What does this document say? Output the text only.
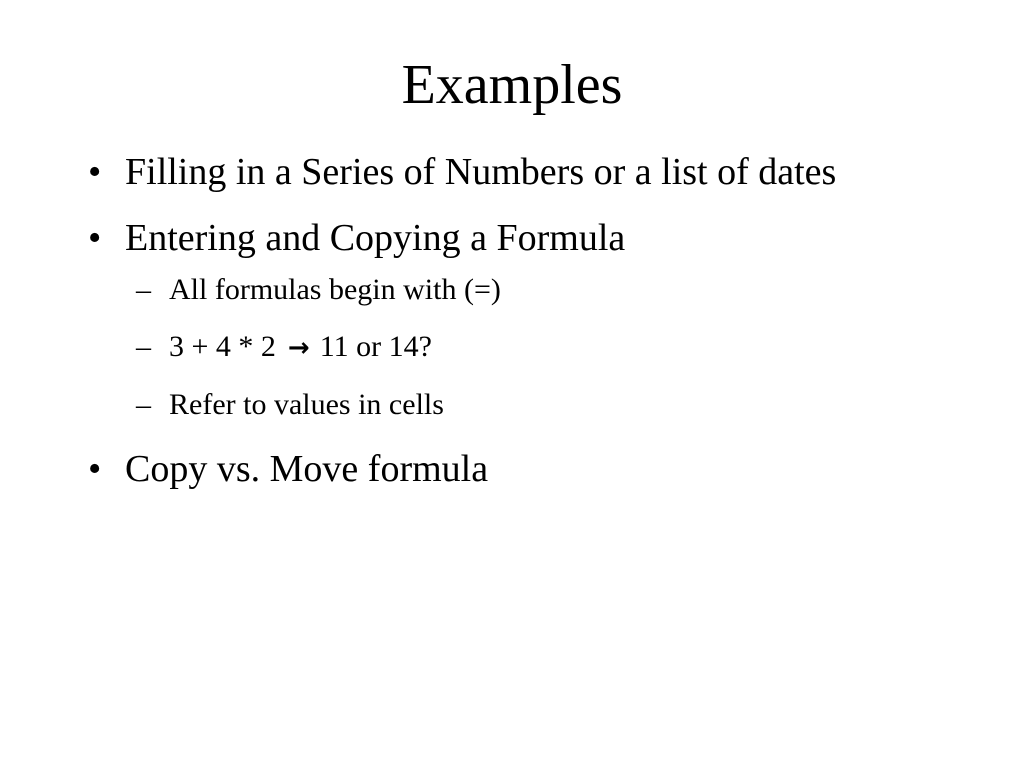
Examples
• Filling in a Series of Numbers or a list of dates
• Entering and Copying a Formula
– All formulas begin with (=)
– 3 + 4 * 2 → 11 or 14?
– Refer to values in cells
• Copy vs. Move formula
